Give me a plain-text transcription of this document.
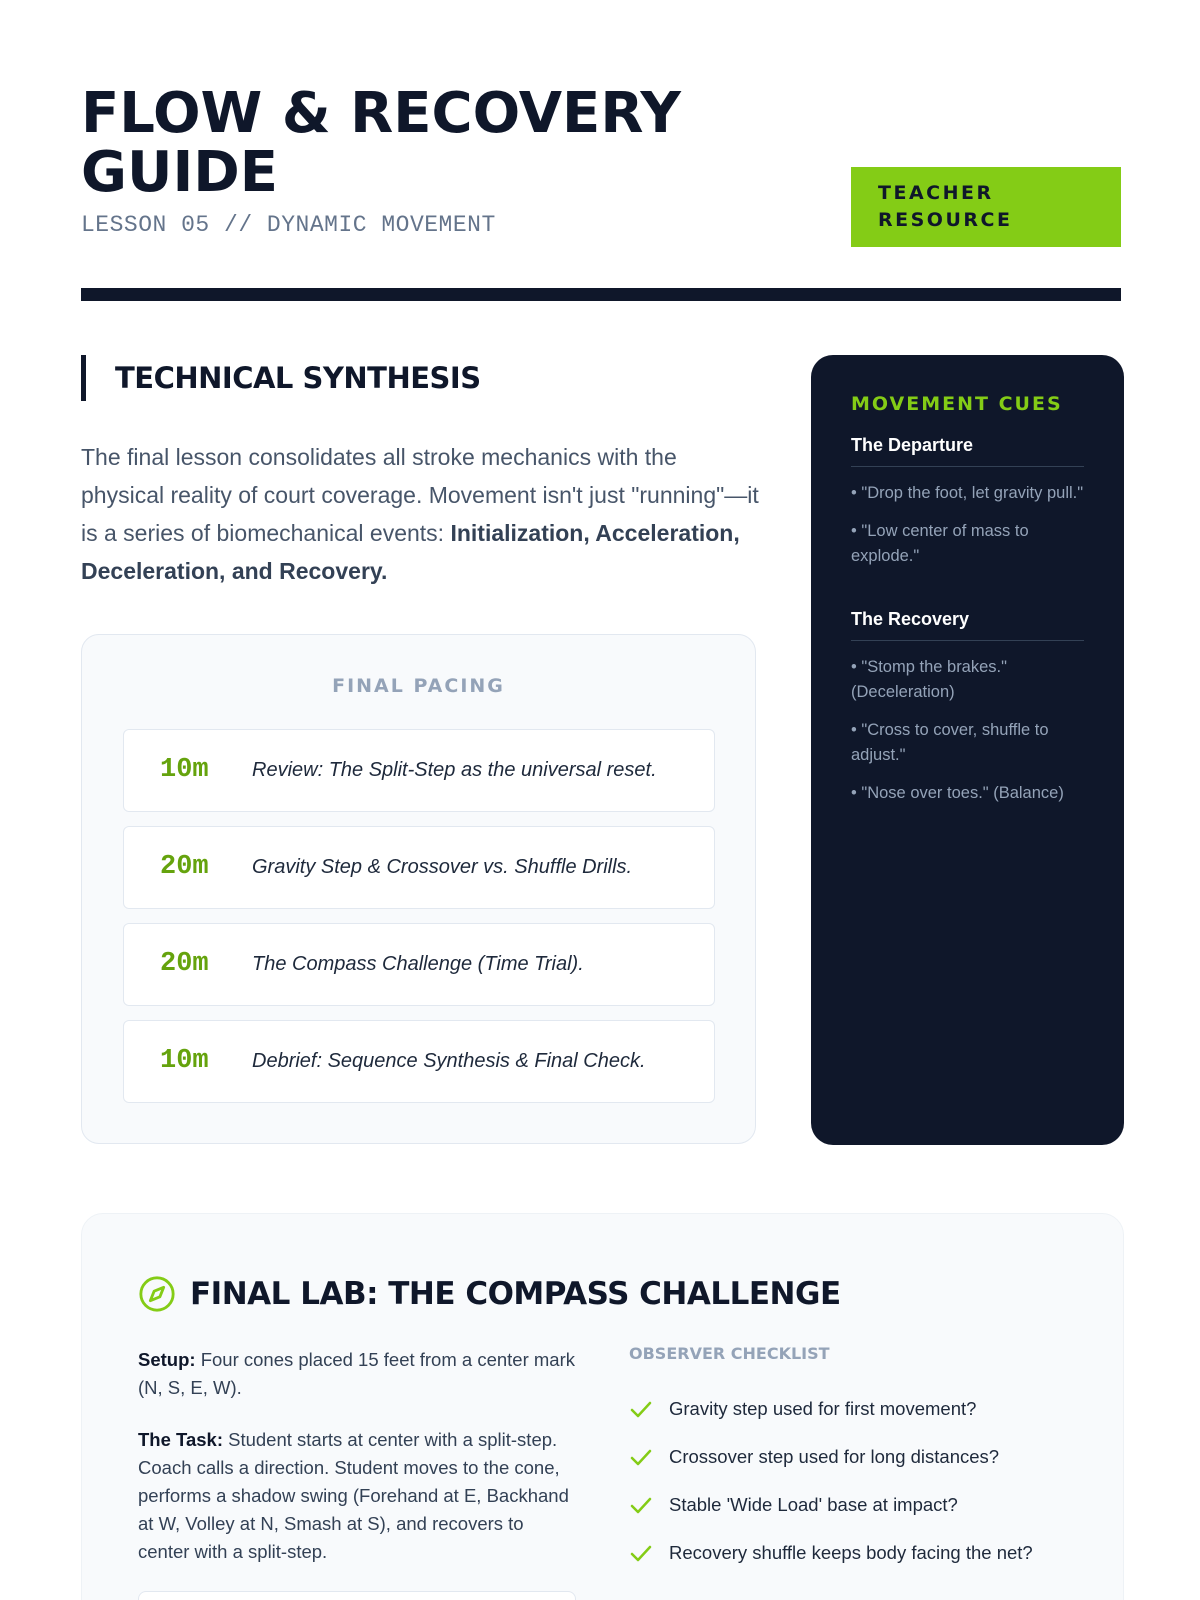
FLOW & RECOVERY GUIDE
LESSON 05 // DYNAMIC MOVEMENT
TEACHER RESOURCE
TECHNICAL SYNTHESIS

The final lesson consolidates all stroke mechanics with the physical reality of court coverage. Movement isn't just "running"—it is a series of biomechanical events: Initialization, Acceleration, Deceleration, and Recovery.

FINAL PACING
10m Review: The Split-Step as the universal reset.
20m Gravity Step & Crossover vs. Shuffle Drills.
20m The Compass Challenge (Time Trial).
10m Debrief: Sequence Synthesis & Final Check.
MOVEMENT CUES
The Departure
• "Drop the foot, let gravity pull."
• "Low center of mass to explode."
The Recovery
• "Stomp the brakes." (Deceleration)
• "Cross to cover, shuffle to adjust."
• "Nose over toes." (Balance)
FINAL LAB: THE COMPASS CHALLENGE

Setup: Four cones placed 15 feet from a center mark (N, S, E, W).

The Task: Student starts at center with a split-step. Coach calls a direction. Student moves to the cone, performs a shadow swing (Forehand at E, Backhand at W, Volley at N, Smash at S), and recovers to center with a split-step.

OBSERVER CHECKLIST
Gravity step used for first movement?
Crossover step used for long distances?
Stable 'Wide Load' base at impact?
Recovery shuffle keeps body facing the net?
